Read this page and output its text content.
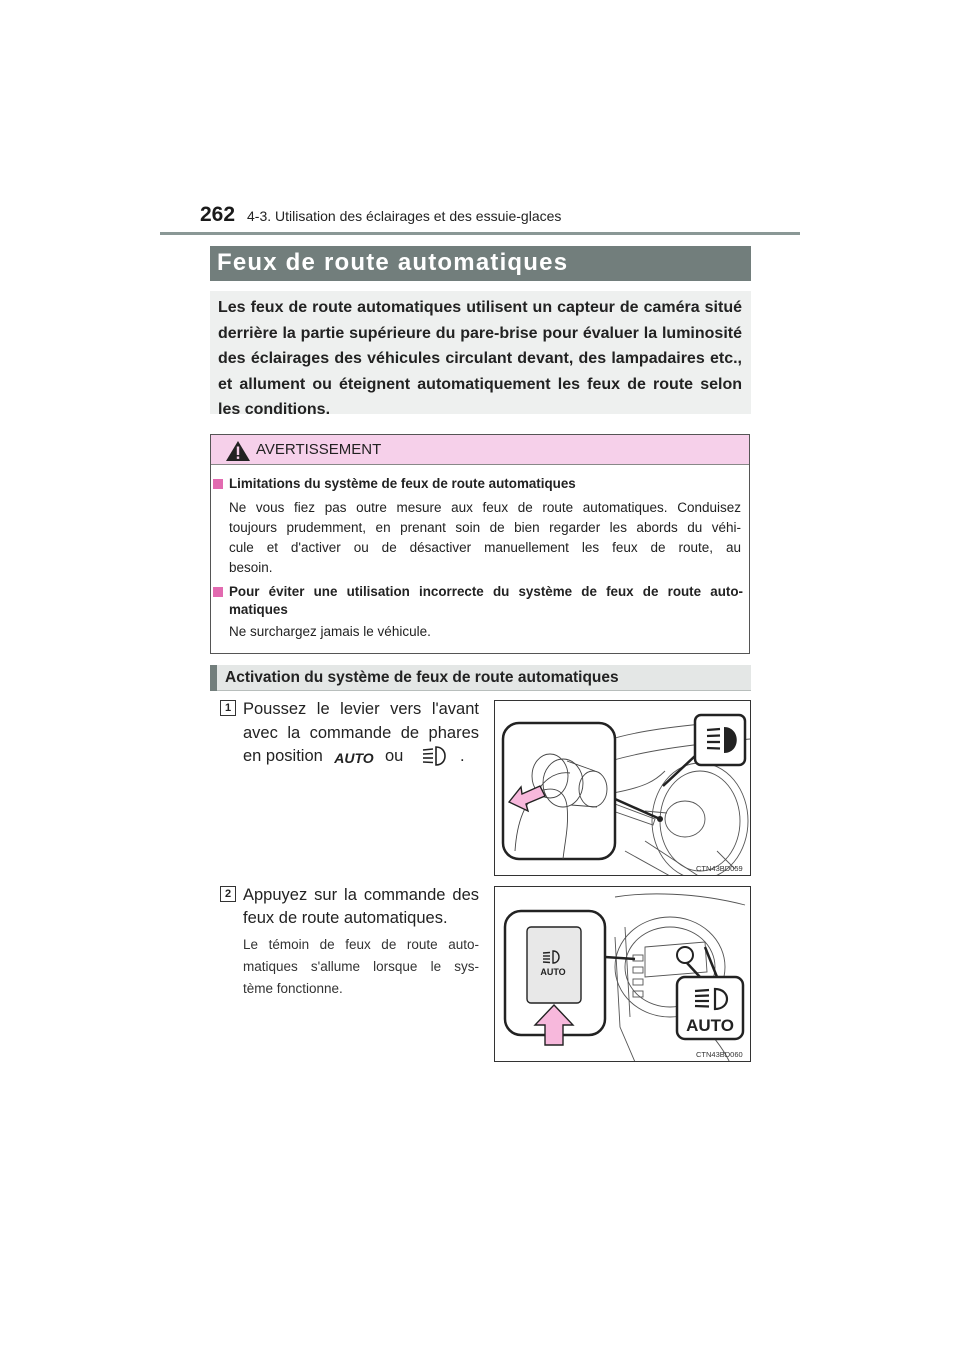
262 4-3. Utilisation des éclairages et des essuie-glaces
Feux de route automatiques
Les feux de route automatiques utilisent un capteur de caméra situé derrière la partie supérieure du pare-brise pour évaluer la luminosité des éclairages des véhicules circulant devant, des lampadaires etc., et allument ou éteignent automatiquement les feux de route selon les conditions.
AVERTISSEMENT
Limitations du système de feux de route automatiques
Ne vous fiez pas outre mesure aux feux de route automatiques. Conduisez
toujours prudemment, en prenant soin de bien regarder les abords du véhi-
cule et d'activer ou de désactiver manuellement les feux de route, au
besoin.
Pour éviter une utilisation incorrecte du système de feux de route auto-
matiques
Ne surchargez jamais le véhicule.
Activation du système de feux de route automatiques
1 Poussez le levier vers l'avant
avec la commande de phares
en position AUTO ou	.
CTN43BD059
2 Appuyez sur la commande des
feux de route automatiques.
Le témoin de feux de route auto-
matiques s'allume lorsque le sys-
tème fonctionne.
AUTO
AUTO
CTN43BD060
